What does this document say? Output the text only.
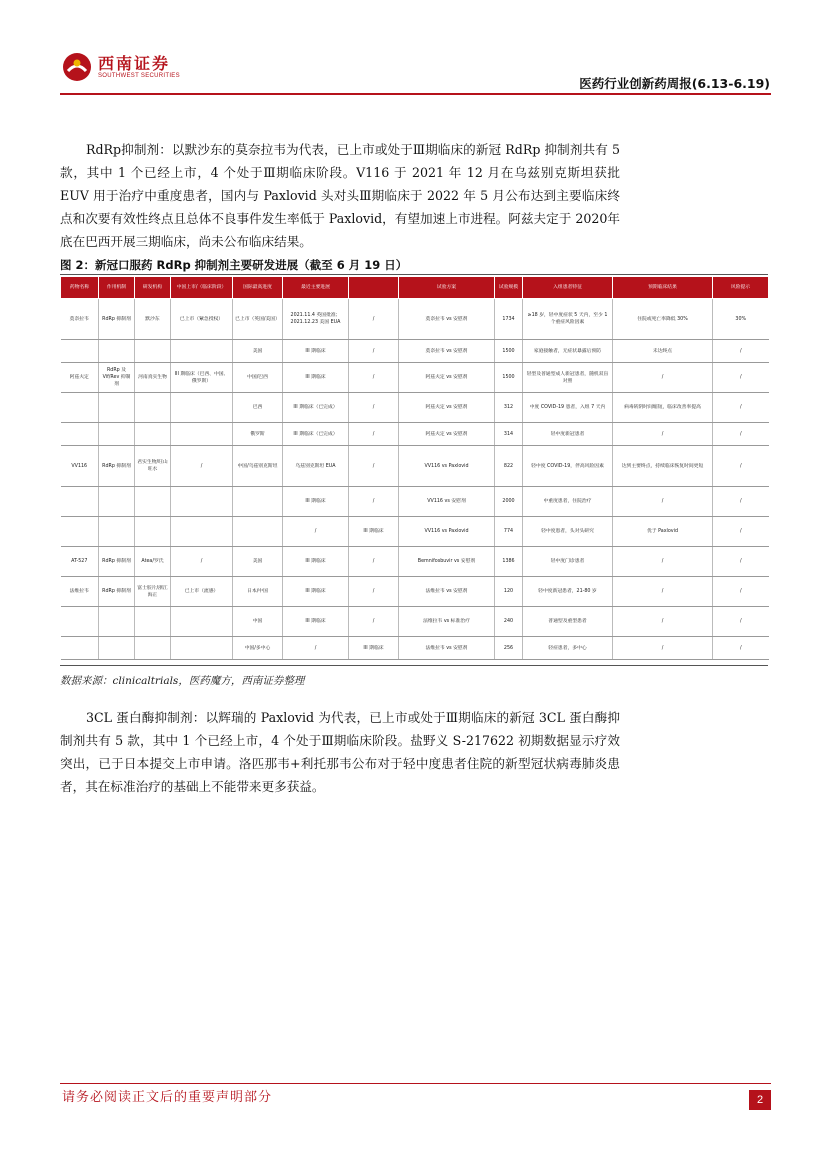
西南证券
SOUTHWEST SECURITIES	医药行业创新药周报(6.13-6.19)

RdRp抑制剂：以默沙东的莫奈拉韦为代表，已上市或处于Ⅲ期临床的新冠 RdRp 抑制剂共有 5 款，其中 1 个已经上市，4 个处于Ⅲ期临床阶段。V116 于 2021 年 12 月在乌兹别克斯坦获批 EUV 用于治疗中重度患者，国内与 Paxlovid 头对头Ⅲ期临床于 2022 年 5 月公布达到主要临床终点和次要有效性终点且总体不良事件发生率低于 Paxlovid，有望加速上市进程。阿兹夫定于 2020年底在巴西开展三期临床，尚未公布临床结果。

图 2：新冠口服药 RdRp 抑制剂主要研发进展（截至 6 月 19 日）
药物名称	作用机制	研发机构	中国上市/（临床阶段）	国际最高进度	最近主要进展		试验方案	试验规模	入组患者特征	预期临床结果	风险提示
莫奈拉韦	RdRp 抑制剂	默沙东	已上市（紧急授权）	已上市（英国/美国）	2021.11.4 英国批准；2021.12.23 美国 EUA	/	莫奈拉韦 vs 安慰剂	1734	≥18 岁，轻中度症状 5 天内，至少 1 个重症风险因素	住院或死亡率降低 30%	30%
				美国	III 期临床	/	莫奈拉韦 vs 安慰剂	1500	家庭接触者，无症状暴露后预防	未达终点	/
阿兹夫定	RdRp 及 Vif/Rev 抑制剂	河南真实生物	III 期临床（巴西、中国、俄罗斯）	中国/巴西	III 期临床	/	阿兹夫定 vs 安慰剂	1500	轻型及普通型成人新冠患者，随机双盲对照	/	/
				巴西	III 期临床（已完成）	/	阿兹夫定 vs 安慰剂	312	中度 COVID-19 患者，入组 7 天内	病毒转阴时间缩短，临床改善率提高	/
				俄罗斯	III 期临床（已完成）	/	阿兹夫定 vs 安慰剂	314	轻中度新冠患者	/	/
VV116	RdRp 抑制剂	君实生物/旺山旺水	/	中国/乌兹别克斯坦	乌兹别克斯坦 EUA	/	VV116 vs Paxlovid	822	轻中度 COVID-19，伴高风险因素	达到主要终点，持续临床恢复时间更短	/
					III 期临床	/	VV116 vs 安慰剂	2000	中重度患者，住院治疗	/	/
					/	III 期临床	VV116 vs Paxlovid	774	轻中度患者，头对头研究	优于 Paxlovid	/
AT-527	RdRp 抑制剂	Atea/罗氏	/	美国	III 期临床	/	Bemnifosbuvir vs 安慰剂	1386	轻中度门诊患者	/	/
法维拉韦	RdRp 抑制剂	富士胶片/浙江海正	已上市（流感）	日本/中国	III 期临床	/	法维拉韦 vs 安慰剂	120	轻中度新冠患者，21-80 岁	/	/
				中国	III 期临床	/	法维拉韦 vs 标准治疗	240	普通型及重型患者	/	/
				中国/多中心	/	III 期临床	法维拉韦 vs 安慰剂	256	轻症患者，多中心	/	/
数据来源：clinicaltrials，医药魔方，西南证券整理

3CL 蛋白酶抑制剂：以辉瑞的 Paxlovid 为代表，已上市或处于Ⅲ期临床的新冠 3CL 蛋白酶抑制剂共有 5 款，其中 1 个已经上市，4 个处于Ⅲ期临床阶段。盐野义 S-217622 初期数据显示疗效突出，已于日本提交上市申请。洛匹那韦+利托那韦公布对于轻中度患者住院的新型冠状病毒肺炎患者，其在标准治疗的基础上不能带来更多获益。

请务必阅读正文后的重要声明部分	2
